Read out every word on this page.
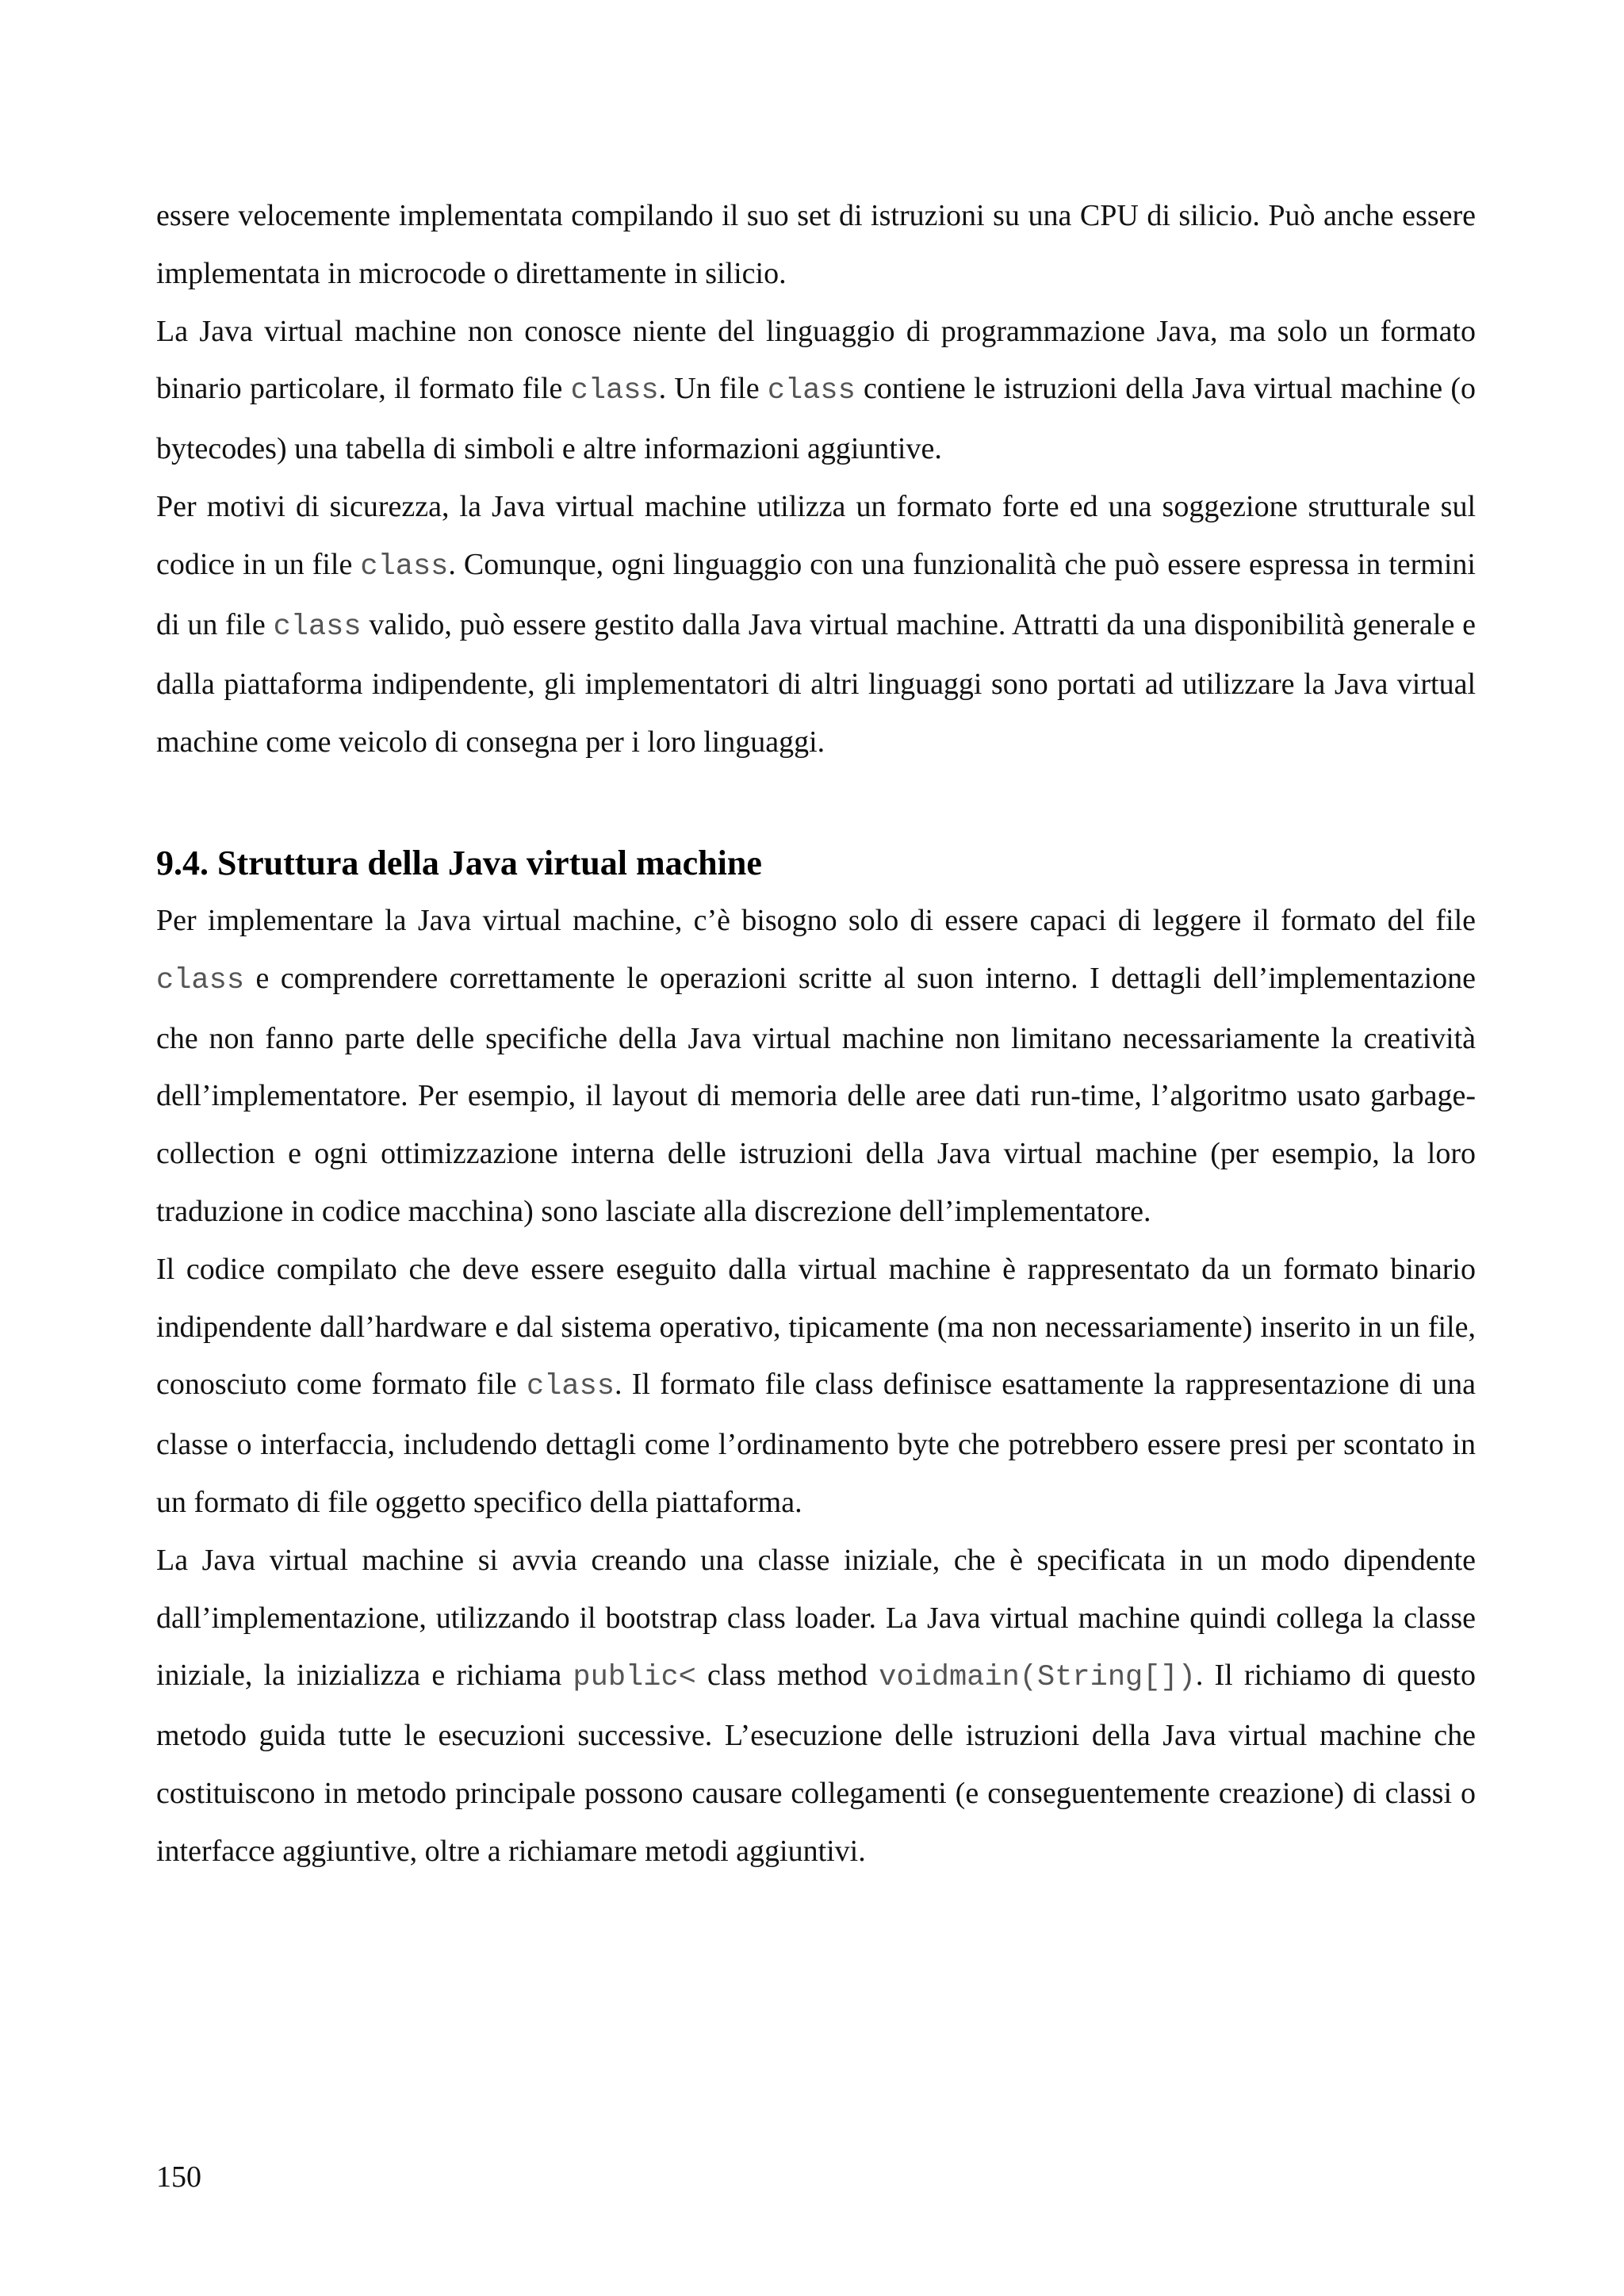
essere velocemente implementata compilando il suo set di istruzioni su una CPU di silicio. Può anche essere implementata in microcode o direttamente in silicio.

La Java virtual machine non conosce niente del linguaggio di programmazione Java, ma solo un formato binario particolare, il formato file class. Un file class contiene le istruzioni della Java virtual machine (o bytecodes) una tabella di simboli e altre informazioni aggiuntive.

Per motivi di sicurezza, la Java virtual machine utilizza un formato forte ed una soggezione strutturale sul codice in un file class. Comunque, ogni linguaggio con una funzionalità che può essere espressa in termini di un file class valido, può essere gestito dalla Java virtual machine. Attratti da una disponibilità generale e dalla piattaforma indipendente, gli implementatori di altri linguaggi sono portati ad utilizzare la Java virtual machine come veicolo di consegna per i loro linguaggi.

9.4. Struttura della Java virtual machine

Per implementare la Java virtual machine, c’è bisogno solo di essere capaci di leggere il formato del file class e comprendere correttamente le operazioni scritte al suon interno. I dettagli dell’implementazione che non fanno parte delle specifiche della Java virtual machine non limitano necessariamente la creatività dell’implementatore. Per esempio, il layout di memoria delle aree dati run-time, l’algoritmo usato garbage-collection e ogni ottimizzazione interna delle istruzioni della Java virtual machine (per esempio, la loro traduzione in codice macchina) sono lasciate alla discrezione dell’implementatore.

Il codice compilato che deve essere eseguito dalla virtual machine è rappresentato da un formato binario indipendente dall’hardware e dal sistema operativo, tipicamente (ma non necessariamente) inserito in un file, conosciuto come formato file class. Il formato file class definisce esattamente la rappresentazione di una classe o interfaccia, includendo dettagli come l’ordinamento byte che potrebbero essere presi per scontato in un formato di file oggetto specifico della piattaforma.

La Java virtual machine si avvia creando una classe iniziale, che è specificata in un modo dipendente dall’implementazione, utilizzando il bootstrap class loader. La Java virtual machine quindi collega la classe iniziale, la inizializza e richiama public< class method voidmain(String[]). Il richiamo di questo metodo guida tutte le esecuzioni successive. L’esecuzione delle istruzioni della Java virtual machine che costituiscono in metodo principale possono causare collegamenti (e conseguentemente creazione) di classi o interfacce aggiuntive, oltre a richiamare metodi aggiuntivi.

150
